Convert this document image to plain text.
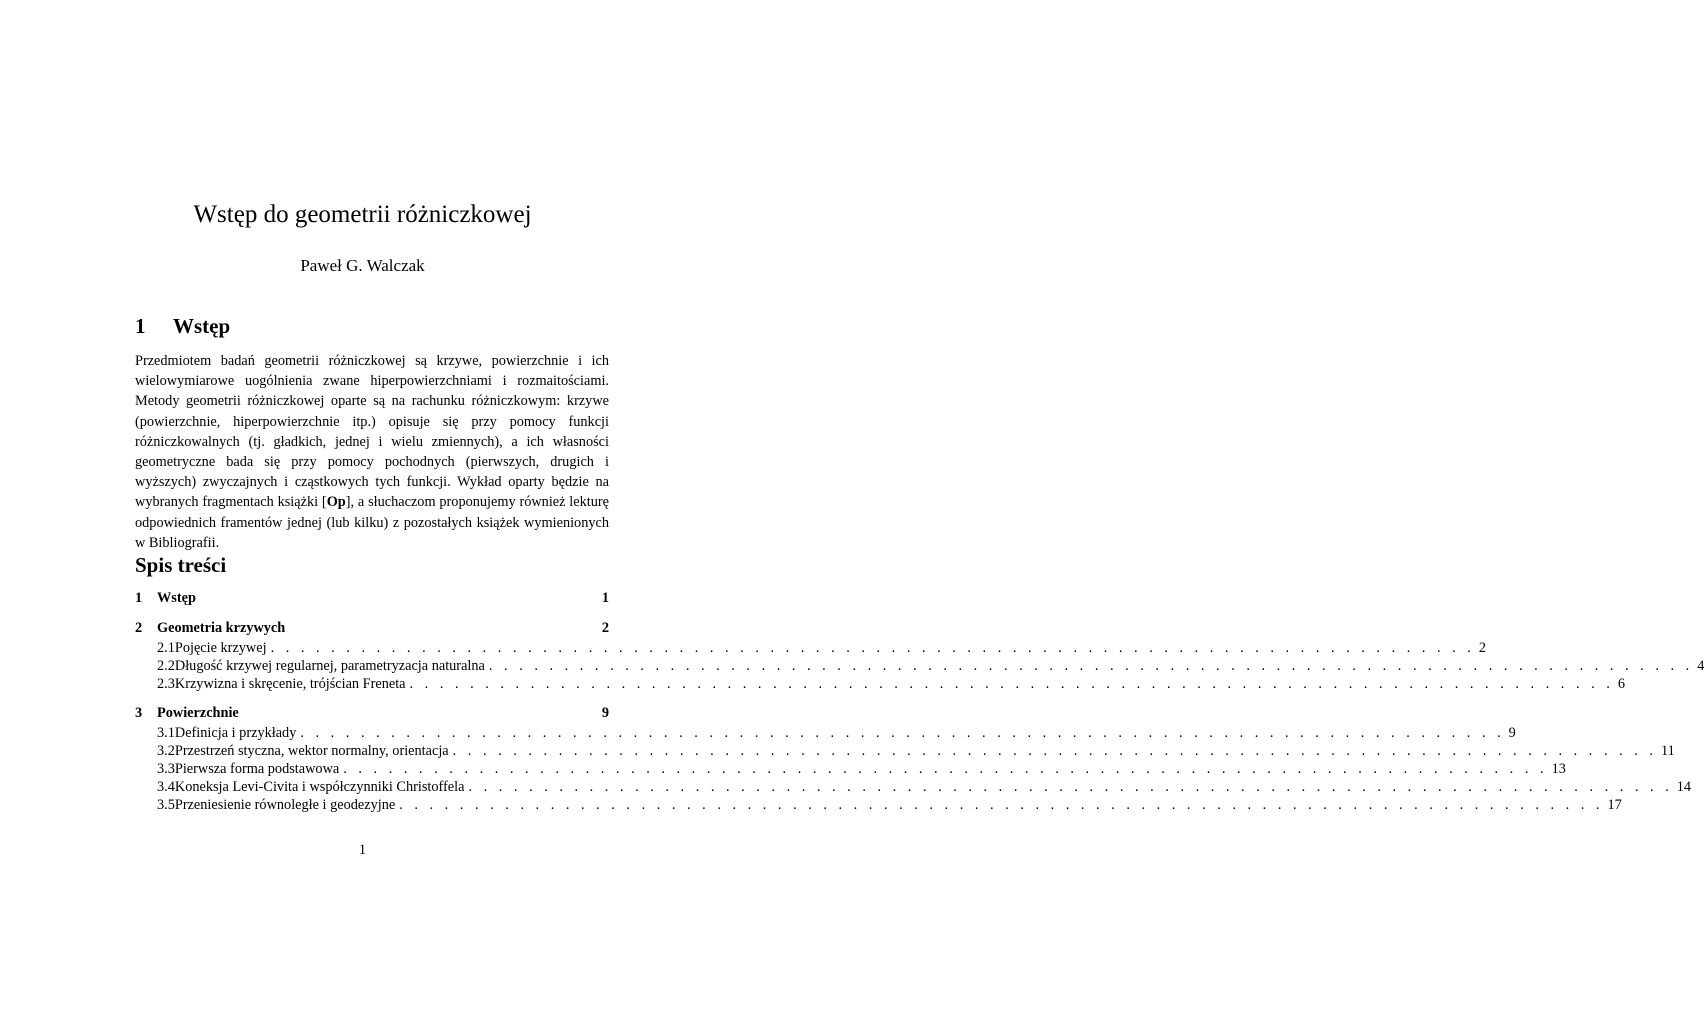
Wstęp do geometrii różniczkowej
Paweł G. Walczak
1 Wstęp

Przedmiotem badań geometrii różniczkowej są krzywe, powierzchnie i ich wielowymiarowe uogólnienia zwane hiperpowierzchniami i rozmaitościami. Metody geometrii różniczkowej oparte są na rachunku różniczkowym: krzywe (powierzchnie, hiperpowierzchnie itp.) opisuje się przy pomocy funkcji różniczkowalnych (tj. gładkich, jednej i wielu zmiennych), a ich własności geometryczne bada się przy pomocy pochodnych (pierwszych, drugich i wyższych) zwyczajnych i cząstkowych tych funkcji. Wykład oparty będzie na wybranych fragmentach książki [Op], a słuchaczom proponujemy również lekturę odpowiednich framentów jednej (lub kilku) z pozostałych książek wymienionych w Bibliografii.

Spis treści
1	Wstęp	1
2	Geometria krzywych	2
2.1 Pojęcie krzywej . . . . . . . . . . . . . . . . . . . . . . . . . . . . . . . . . . . . . . . . . . . . . . . . . . . . . . . . . . . . . . . . . . . . . . . . . . . . . . . . 2
2.2 Długość krzywej regularnej, parametryzacja naturalna . . . . . . . . . . . . . . . . . . . . . . . . . . . . . . . . . . . . . . . . . . . . . . . . . . . . . . . . . . . . . . . . . . . . . . . . . . . . . . . . 4
2.3 Krzywizna i skręcenie, trójścian Freneta . . . . . . . . . . . . . . . . . . . . . . . . . . . . . . . . . . . . . . . . . . . . . . . . . . . . . . . . . . . . . . . . . . . . . . . . . . . . . . . . 6
3	Powierzchnie	9
3.1 Definicja i przykłady . . . . . . . . . . . . . . . . . . . . . . . . . . . . . . . . . . . . . . . . . . . . . . . . . . . . . . . . . . . . . . . . . . . . . . . . . . . . . . . . 9
3.2 Przestrzeń styczna, wektor normalny, orientacja . . . . . . . . . . . . . . . . . . . . . . . . . . . . . . . . . . . . . . . . . . . . . . . . . . . . . . . . . . . . . . . . . . . . . . . . . . . . . . . . 11
3.3 Pierwsza forma podstawowa . . . . . . . . . . . . . . . . . . . . . . . . . . . . . . . . . . . . . . . . . . . . . . . . . . . . . . . . . . . . . . . . . . . . . . . . . . . . . . . . 13
3.4 Koneksja Levi-Civita i współczynniki Christoffela . . . . . . . . . . . . . . . . . . . . . . . . . . . . . . . . . . . . . . . . . . . . . . . . . . . . . . . . . . . . . . . . . . . . . . . . . . . . . . . . 14
3.5 Przeniesienie równoległe i geodezyjne . . . . . . . . . . . . . . . . . . . . . . . . . . . . . . . . . . . . . . . . . . . . . . . . . . . . . . . . . . . . . . . . . . . . . . . . . . . . . . . . 17
1
